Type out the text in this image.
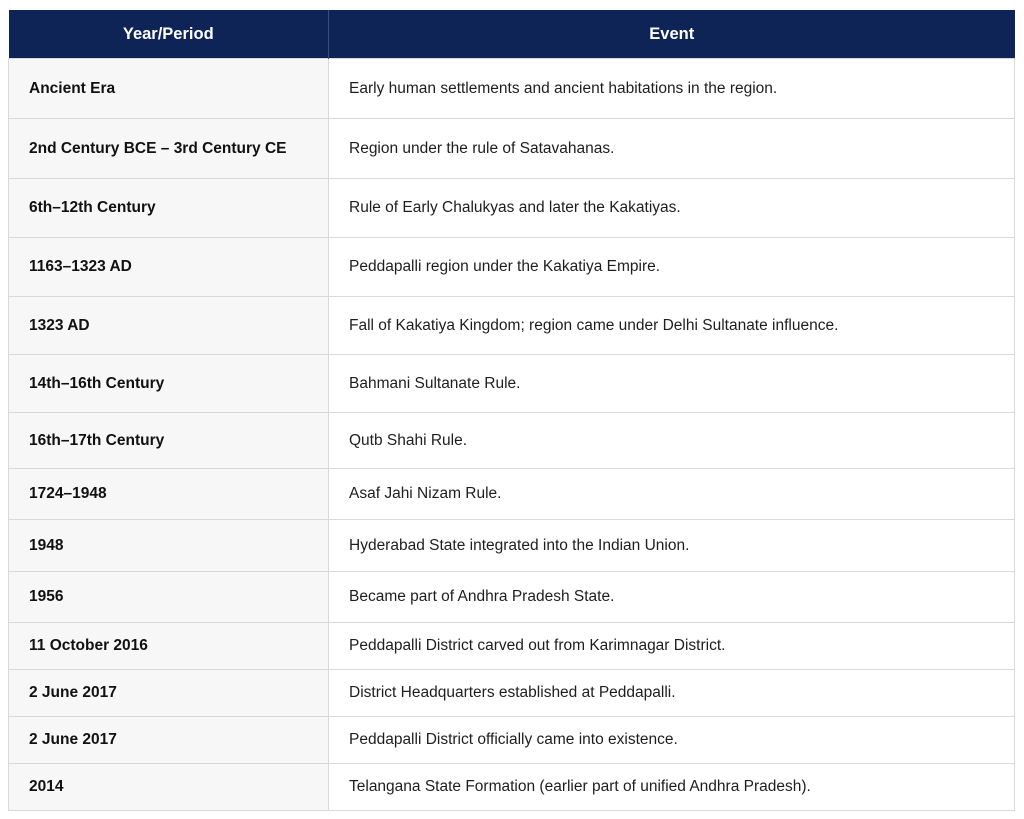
Year/Period	Event
Ancient Era	Early human settlements and ancient habitations in the region.
2nd Century BCE – 3rd Century CE	Region under the rule of Satavahanas.
6th–12th Century	Rule of Early Chalukyas and later the Kakatiyas.
1163–1323 AD	Peddapalli region under the Kakatiya Empire.
1323 AD	Fall of Kakatiya Kingdom; region came under Delhi Sultanate influence.
14th–16th Century	Bahmani Sultanate Rule.
16th–17th Century	Qutb Shahi Rule.
1724–1948	Asaf Jahi Nizam Rule.
1948	Hyderabad State integrated into the Indian Union.
1956	Became part of Andhra Pradesh State.
11 October 2016	Peddapalli District carved out from Karimnagar District.
2 June 2017	District Headquarters established at Peddapalli.
2 June 2017	Peddapalli District officially came into existence.
2014	Telangana State Formation (earlier part of unified Andhra Pradesh).
